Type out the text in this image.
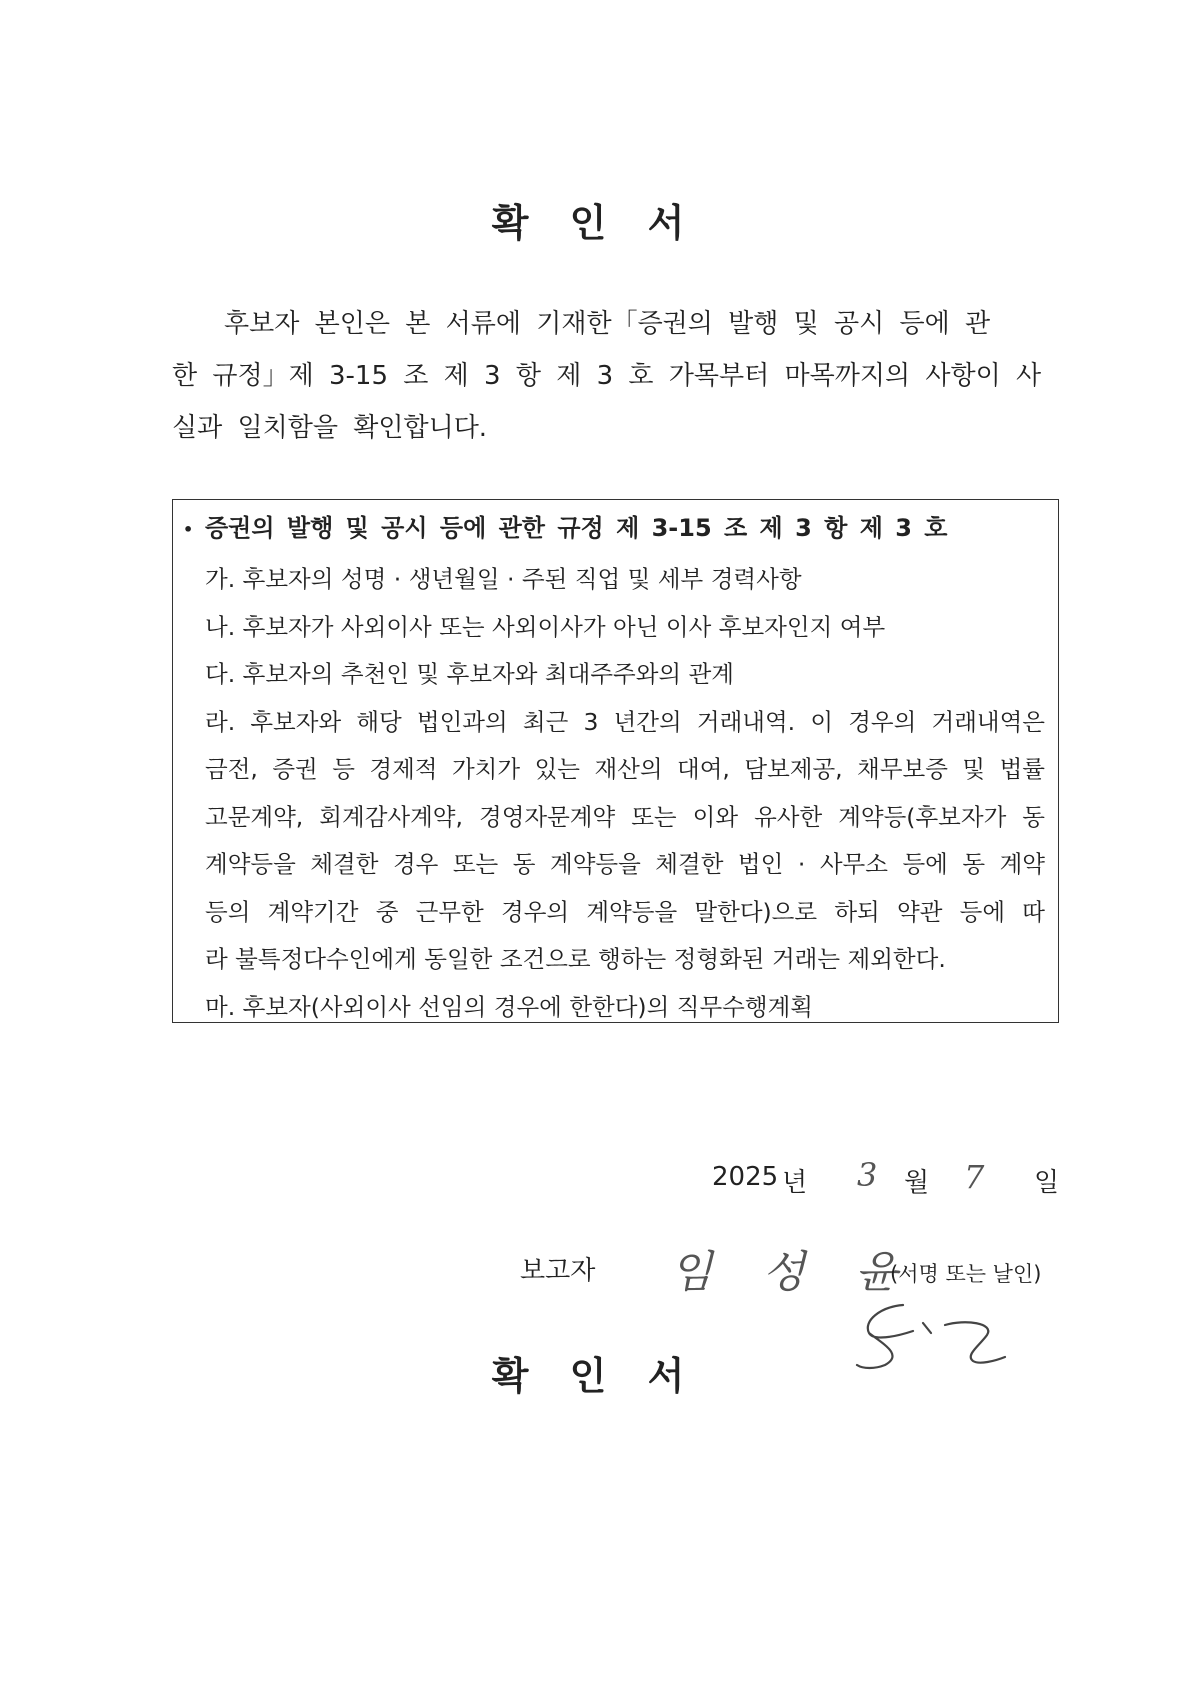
확 인 서
후보자 본인은 본 서류에 기재한「증권의 발행 및 공시 등에 관
한 규정」제 3-15 조 제 3 항 제 3 호 가목부터 마목까지의 사항이 사
실과 일치함을 확인합니다.
• 증권의 발행 및 공시 등에 관한 규정 제 3-15 조 제 3 항 제 3 호
가. 후보자의 성명 · 생년월일 · 주된 직업 및 세부 경력사항
나. 후보자가 사외이사 또는 사외이사가 아닌 이사 후보자인지 여부
다. 후보자의 추천인 및 후보자와 최대주주와의 관계
라. 후보자와 해당 법인과의 최근 3 년간의 거래내역. 이 경우의 거래내역은
금전, 증권 등 경제적 가치가 있는 재산의 대여, 담보제공, 채무보증 및 법률
고문계약, 회계감사계약, 경영자문계약 또는 이와 유사한 계약등(후보자가 동
계약등을 체결한 경우 또는 동 계약등을 체결한 법인 · 사무소 등에 동 계약
등의 계약기간 중 근무한 경우의 계약등을 말한다)으로 하되 약관 등에 따
라 불특정다수인에게 동일한 조건으로 행하는 정형화된 거래는 제외한다.
마. 후보자(사외이사 선임의 경우에 한한다)의 직무수행계획
2025 년 3 월 7 일
보고자 임 성 윤
(서명 또는 날인)
확 인 서
